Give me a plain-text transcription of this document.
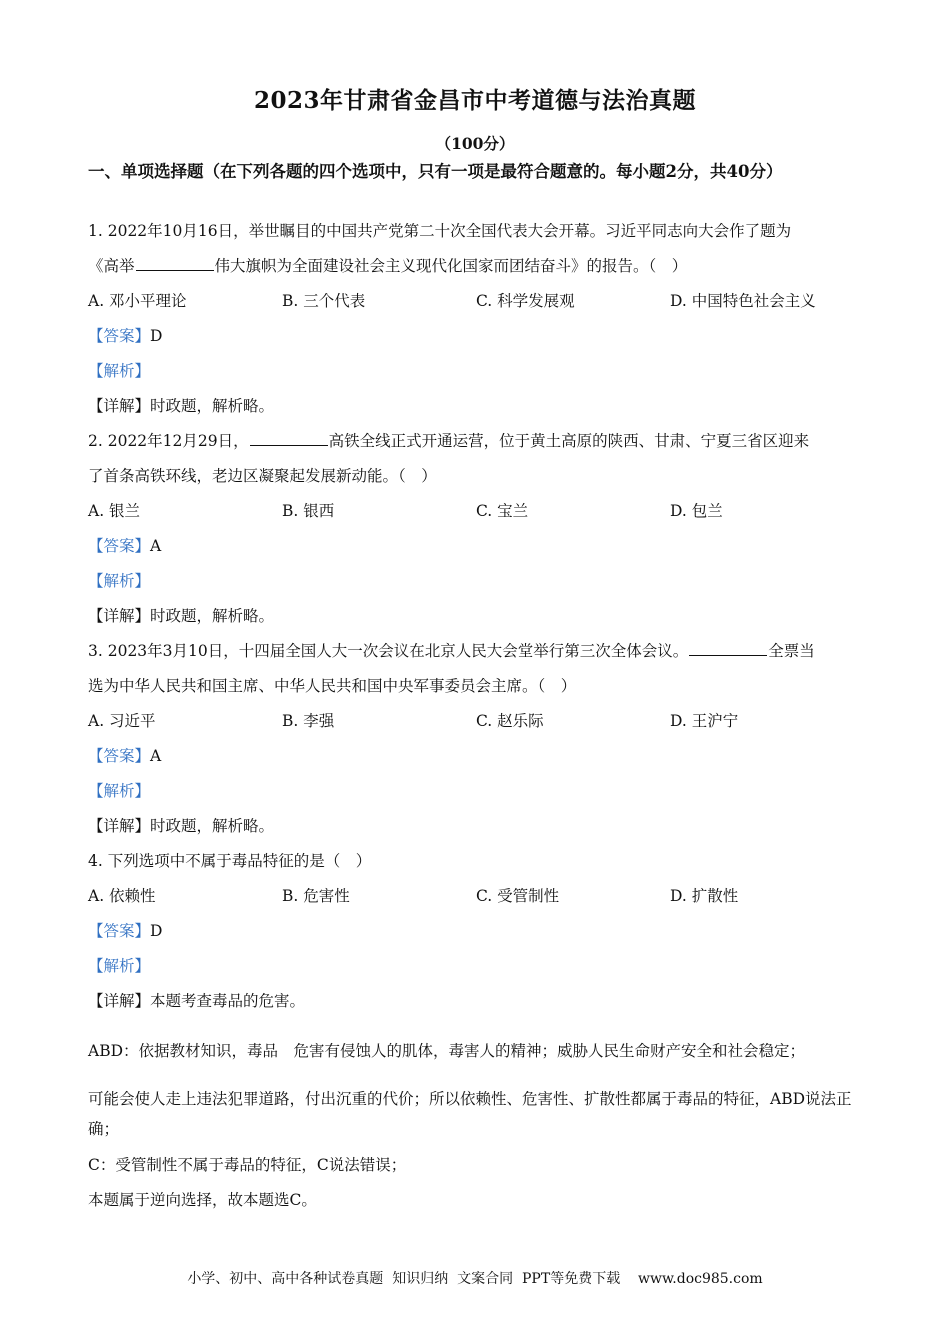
2023年甘肃省金昌市中考道德与法治真题
（100分）
一、单项选择题（在下列各题的四个选项中，只有一项是最符合题意的。每小题2分，共40分）
1. 2022年10月16日，举世瞩目的中国共产党第二十次全国代表大会开幕。习近平同志向大会作了题为
《高举	伟大旗帜为全面建设社会主义现代化国家而团结奋斗》的报告。（　）
A. 邓小平理论	B. 三个代表	C. 科学发展观	D. 中国特色社会主义
【答案】D
【解析】
【详解】时政题，解析略。
2. 2022年12月29日，	高铁全线正式开通运营，位于黄土高原的陕西、甘肃、宁夏三省区迎来
了首条高铁环线，老边区凝聚起发展新动能。（　）
A. 银兰	B. 银西	C. 宝兰	D. 包兰
【答案】A
【解析】
【详解】时政题，解析略。
3. 2023年3月10日，十四届全国人大一次会议在北京人民大会堂举行第三次全体会议。	全票当
选为中华人民共和国主席、中华人民共和国中央军事委员会主席。（　）
A. 习近平	B. 李强	C. 赵乐际	D. 王沪宁
【答案】A
【解析】
【详解】时政题，解析略。
4. 下列选项中不属于毒品特征的是（　）
A. 依赖性	B. 危害性	C. 受管制性	D. 扩散性
【答案】D
【解析】
【详解】本题考查毒品的危害。
ABD：依据教材知识，毒品　危害有侵蚀人的肌体，毒害人的精神；威胁人民生命财产安全和社会稳定；
可能会使人走上违法犯罪道路，付出沉重的代价；所以依赖性、危害性、扩散性都属于毒品的特征，ABD说法正确；
C：受管制性不属于毒品的特征，C说法错误；
本题属于逆向选择，故本题选C。
小学、初中、高中各种试卷真题  知识归纳  文案合同  PPT等免费下载    www.doc985.com
